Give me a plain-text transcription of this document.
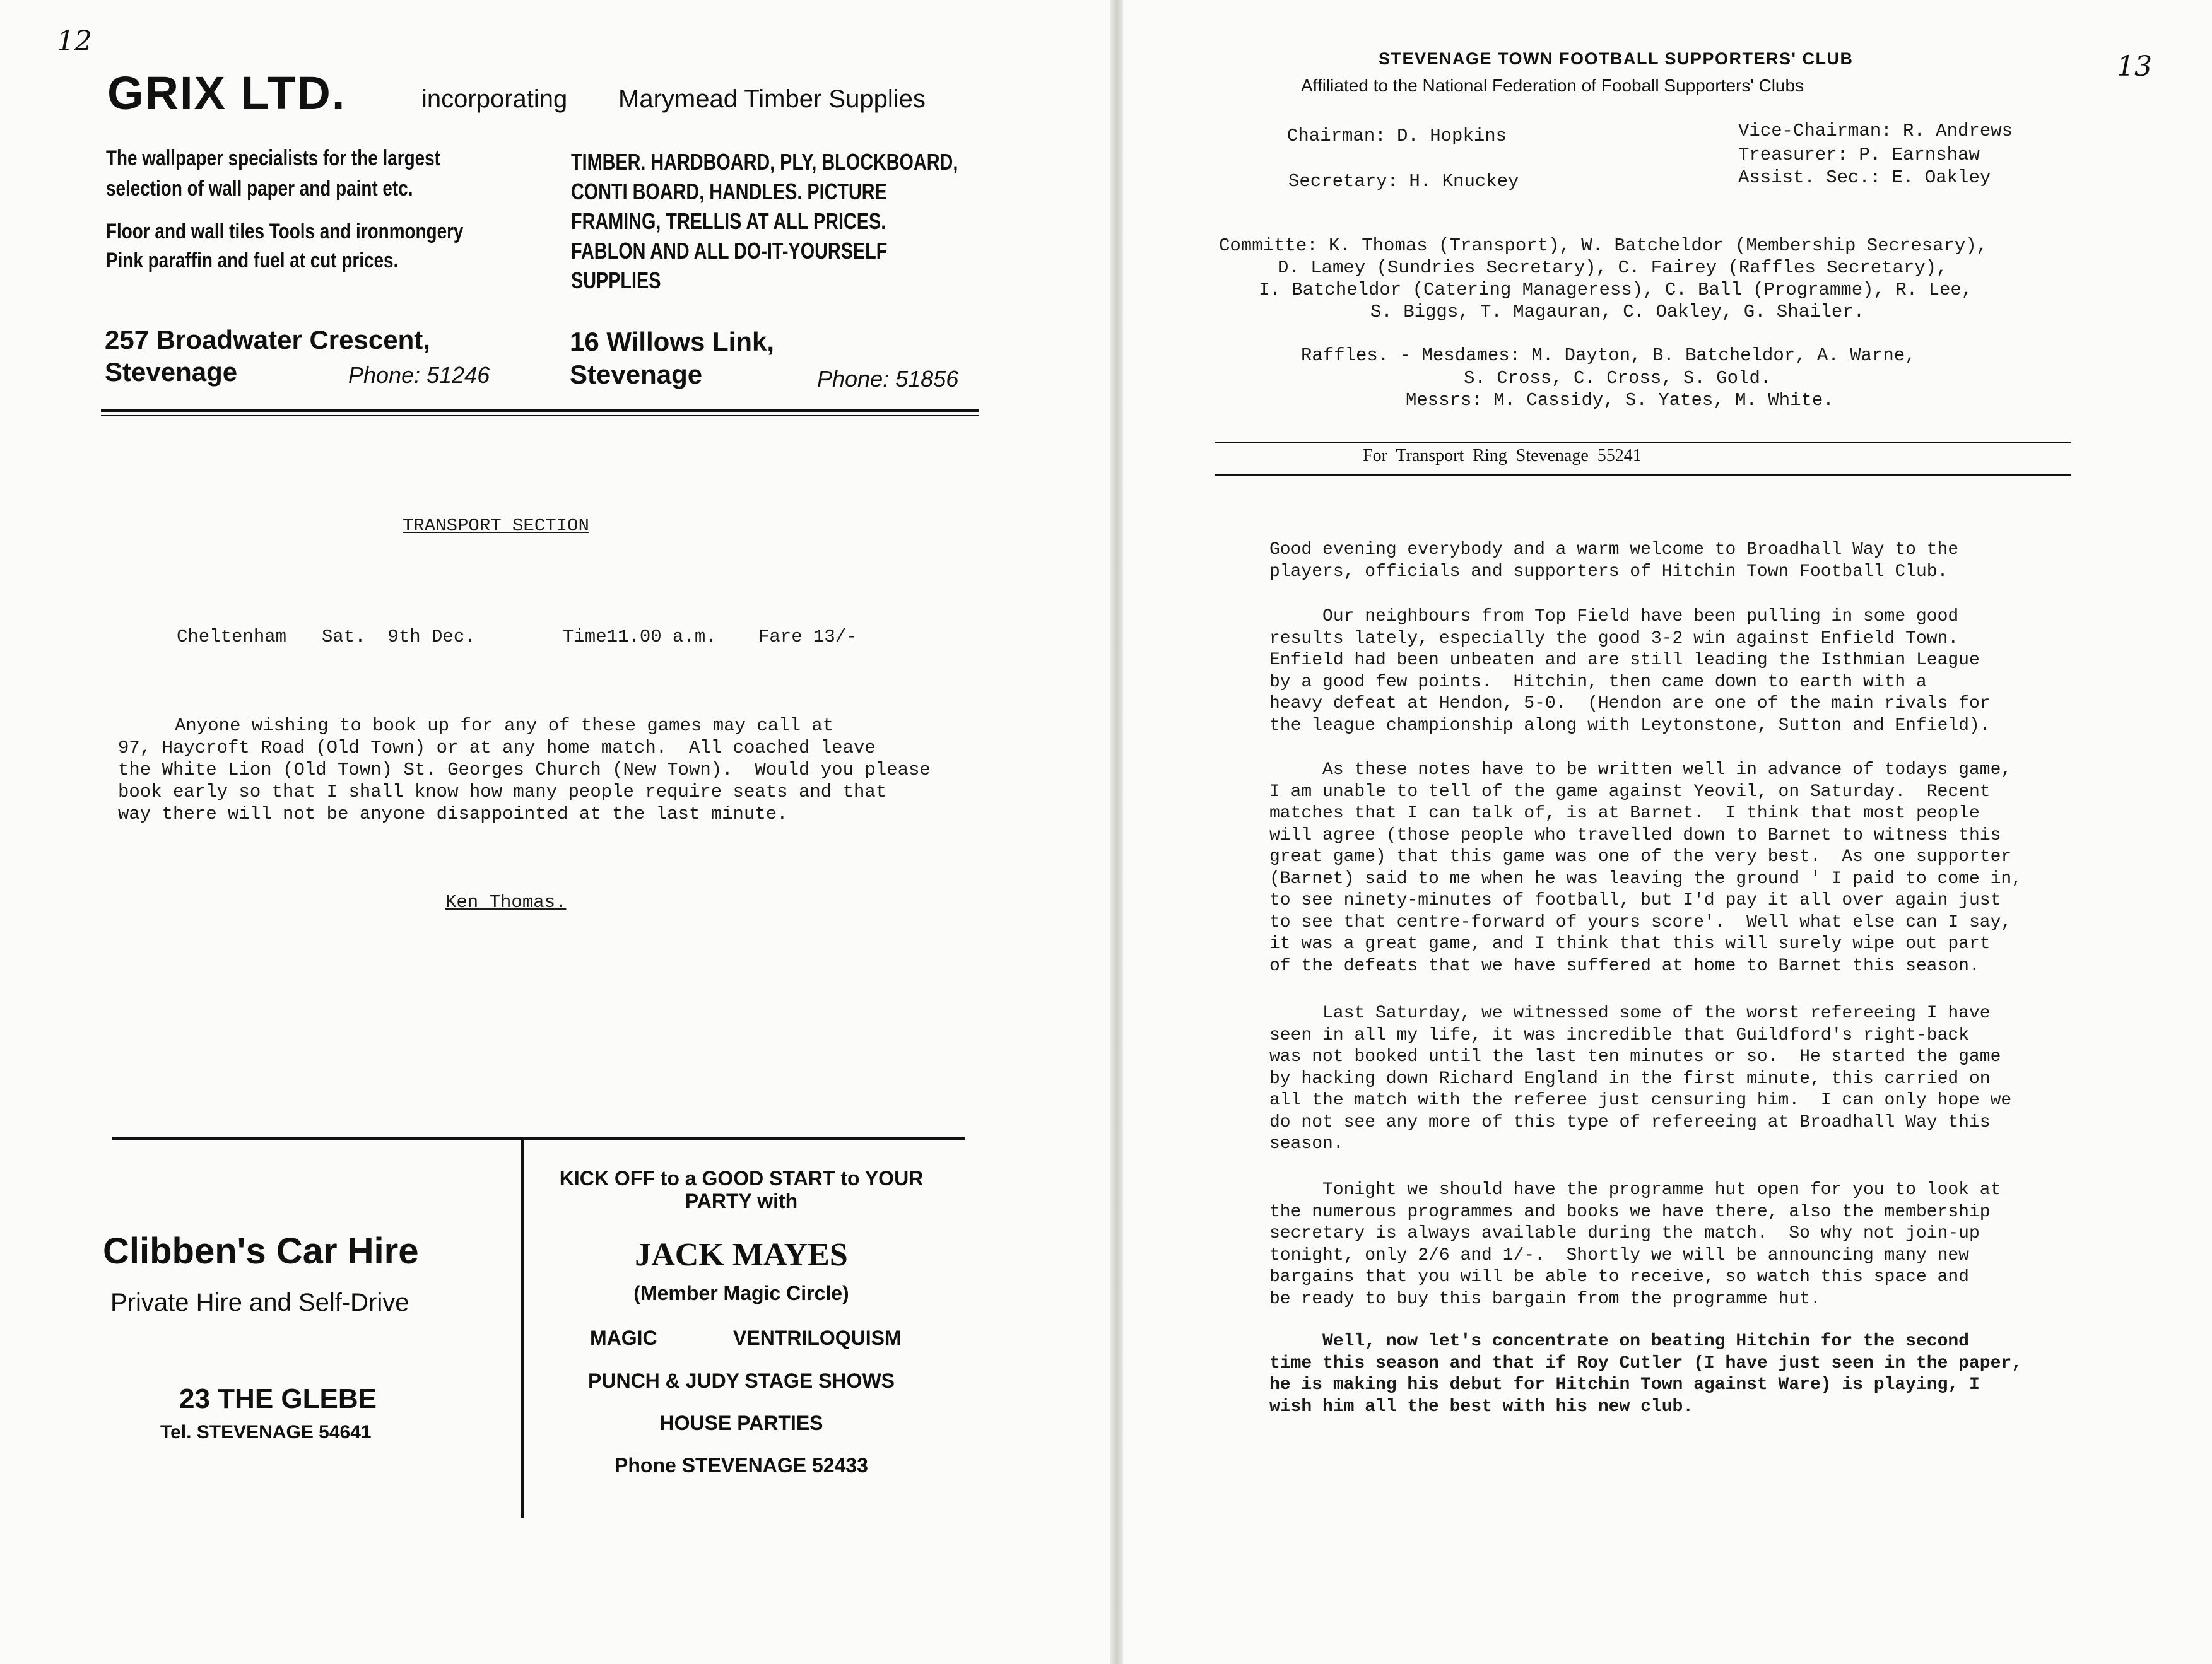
12
GRIX LTD.	incorporating Marymead Timber Supplies
The wallpaper specialists for the largest
selection of wall paper and paint etc.
Floor and wall tiles Tools and ironmongery
Pink paraffin and fuel at cut prices.
TIMBER. HARDBOARD, PLY, BLOCKBOARD,
CONTI BOARD, HANDLES. PICTURE
FRAMING, TRELLIS AT ALL PRICES.
FABLON AND ALL DO-IT-YOURSELF
SUPPLIES
257 Broadwater Crescent,
Stevenage	Phone: 51246
16 Willows Link,
Stevenage	Phone: 51856
TRANSPORT SECTION
Cheltenham Sat.  9th Dec.	Time11.00 a.m. Fare 13/-
Anyone wishing to book up for any of these games may call at
97, Haycroft Road (Old Town) or at any home match.  All coached leave
the White Lion (Old Town) St. Georges Church (New Town).  Would you please
book early so that I shall know how many people require seats and that
way there will not be anyone disappointed at the last minute.
Ken Thomas.
Clibben's Car Hire
Private Hire and Self-Drive
23 THE GLEBE
Tel. STEVENAGE 54641
KICK OFF to a GOOD START to YOUR
PARTY with
JACK MAYES
(Member Magic Circle)
MAGIC	VENTRILOQUISM
PUNCH & JUDY STAGE SHOWS
HOUSE PARTIES
Phone STEVENAGE 52433
13
STEVENAGE TOWN FOOTBALL SUPPORTERS' CLUB
Affiliated to the National Federation of Fooball Supporters' Clubs
Chairman: D. Hopkins
Secretary: H. Knuckey
Vice-Chairman: R. Andrews
Treasurer: P. Earnshaw
Assist. Sec.: E. Oakley
Committe: K. Thomas (Transport), W. Batcheldor (Membership Secresary),
D. Lamey (Sundries Secretary), C. Fairey (Raffles Secretary),
I. Batcheldor (Catering Manageress), C. Ball (Programme), R. Lee,
S. Biggs, T. Magauran, C. Oakley, G. Shailer.
Raffles. - Mesdames: M. Dayton, B. Batcheldor, A. Warne,
S. Cross, C. Cross, S. Gold.
Messrs: M. Cassidy, S. Yates, M. White.
For  Transport  Ring  Stevenage  55241
Good evening everybody and a warm welcome to Broadhall Way to the
players, officials and supporters of Hitchin Town Football Club.
Our neighbours from Top Field have been pulling in some good
results lately, especially the good 3-2 win against Enfield Town.
Enfield had been unbeaten and are still leading the Isthmian League
by a good few points.  Hitchin, then came down to earth with a
heavy defeat at Hendon, 5-0.  (Hendon are one of the main rivals for
the league championship along with Leytonstone, Sutton and Enfield).
As these notes have to be written well in advance of todays game,
I am unable to tell of the game against Yeovil, on Saturday.  Recent
matches that I can talk of, is at Barnet.  I think that most people
will agree (those people who travelled down to Barnet to witness this
great game) that this game was one of the very best.  As one supporter
(Barnet) said to me when he was leaving the ground ' I paid to come in,
to see ninety-minutes of football, but I'd pay it all over again just
to see that centre-forward of yours score'.  Well what else can I say,
it was a great game, and I think that this will surely wipe out part
of the defeats that we have suffered at home to Barnet this season.
Last Saturday, we witnessed some of the worst refereeing I have
seen in all my life, it was incredible that Guildford's right-back
was not booked until the last ten minutes or so.  He started the game
by hacking down Richard England in the first minute, this carried on
all the match with the referee just censuring him.  I can only hope we
do not see any more of this type of refereeing at Broadhall Way this
season.
Tonight we should have the programme hut open for you to look at
the numerous programmes and books we have there, also the membership
secretary is always available during the match.  So why not join-up
tonight, only 2/6 and 1/-.  Shortly we will be announcing many new
bargains that you will be able to receive, so watch this space and
be ready to buy this bargain from the programme hut.
Well, now let's concentrate on beating Hitchin for the second
time this season and that if Roy Cutler (I have just seen in the paper,
he is making his debut for Hitchin Town against Ware) is playing, I
wish him all the best with his new club.
